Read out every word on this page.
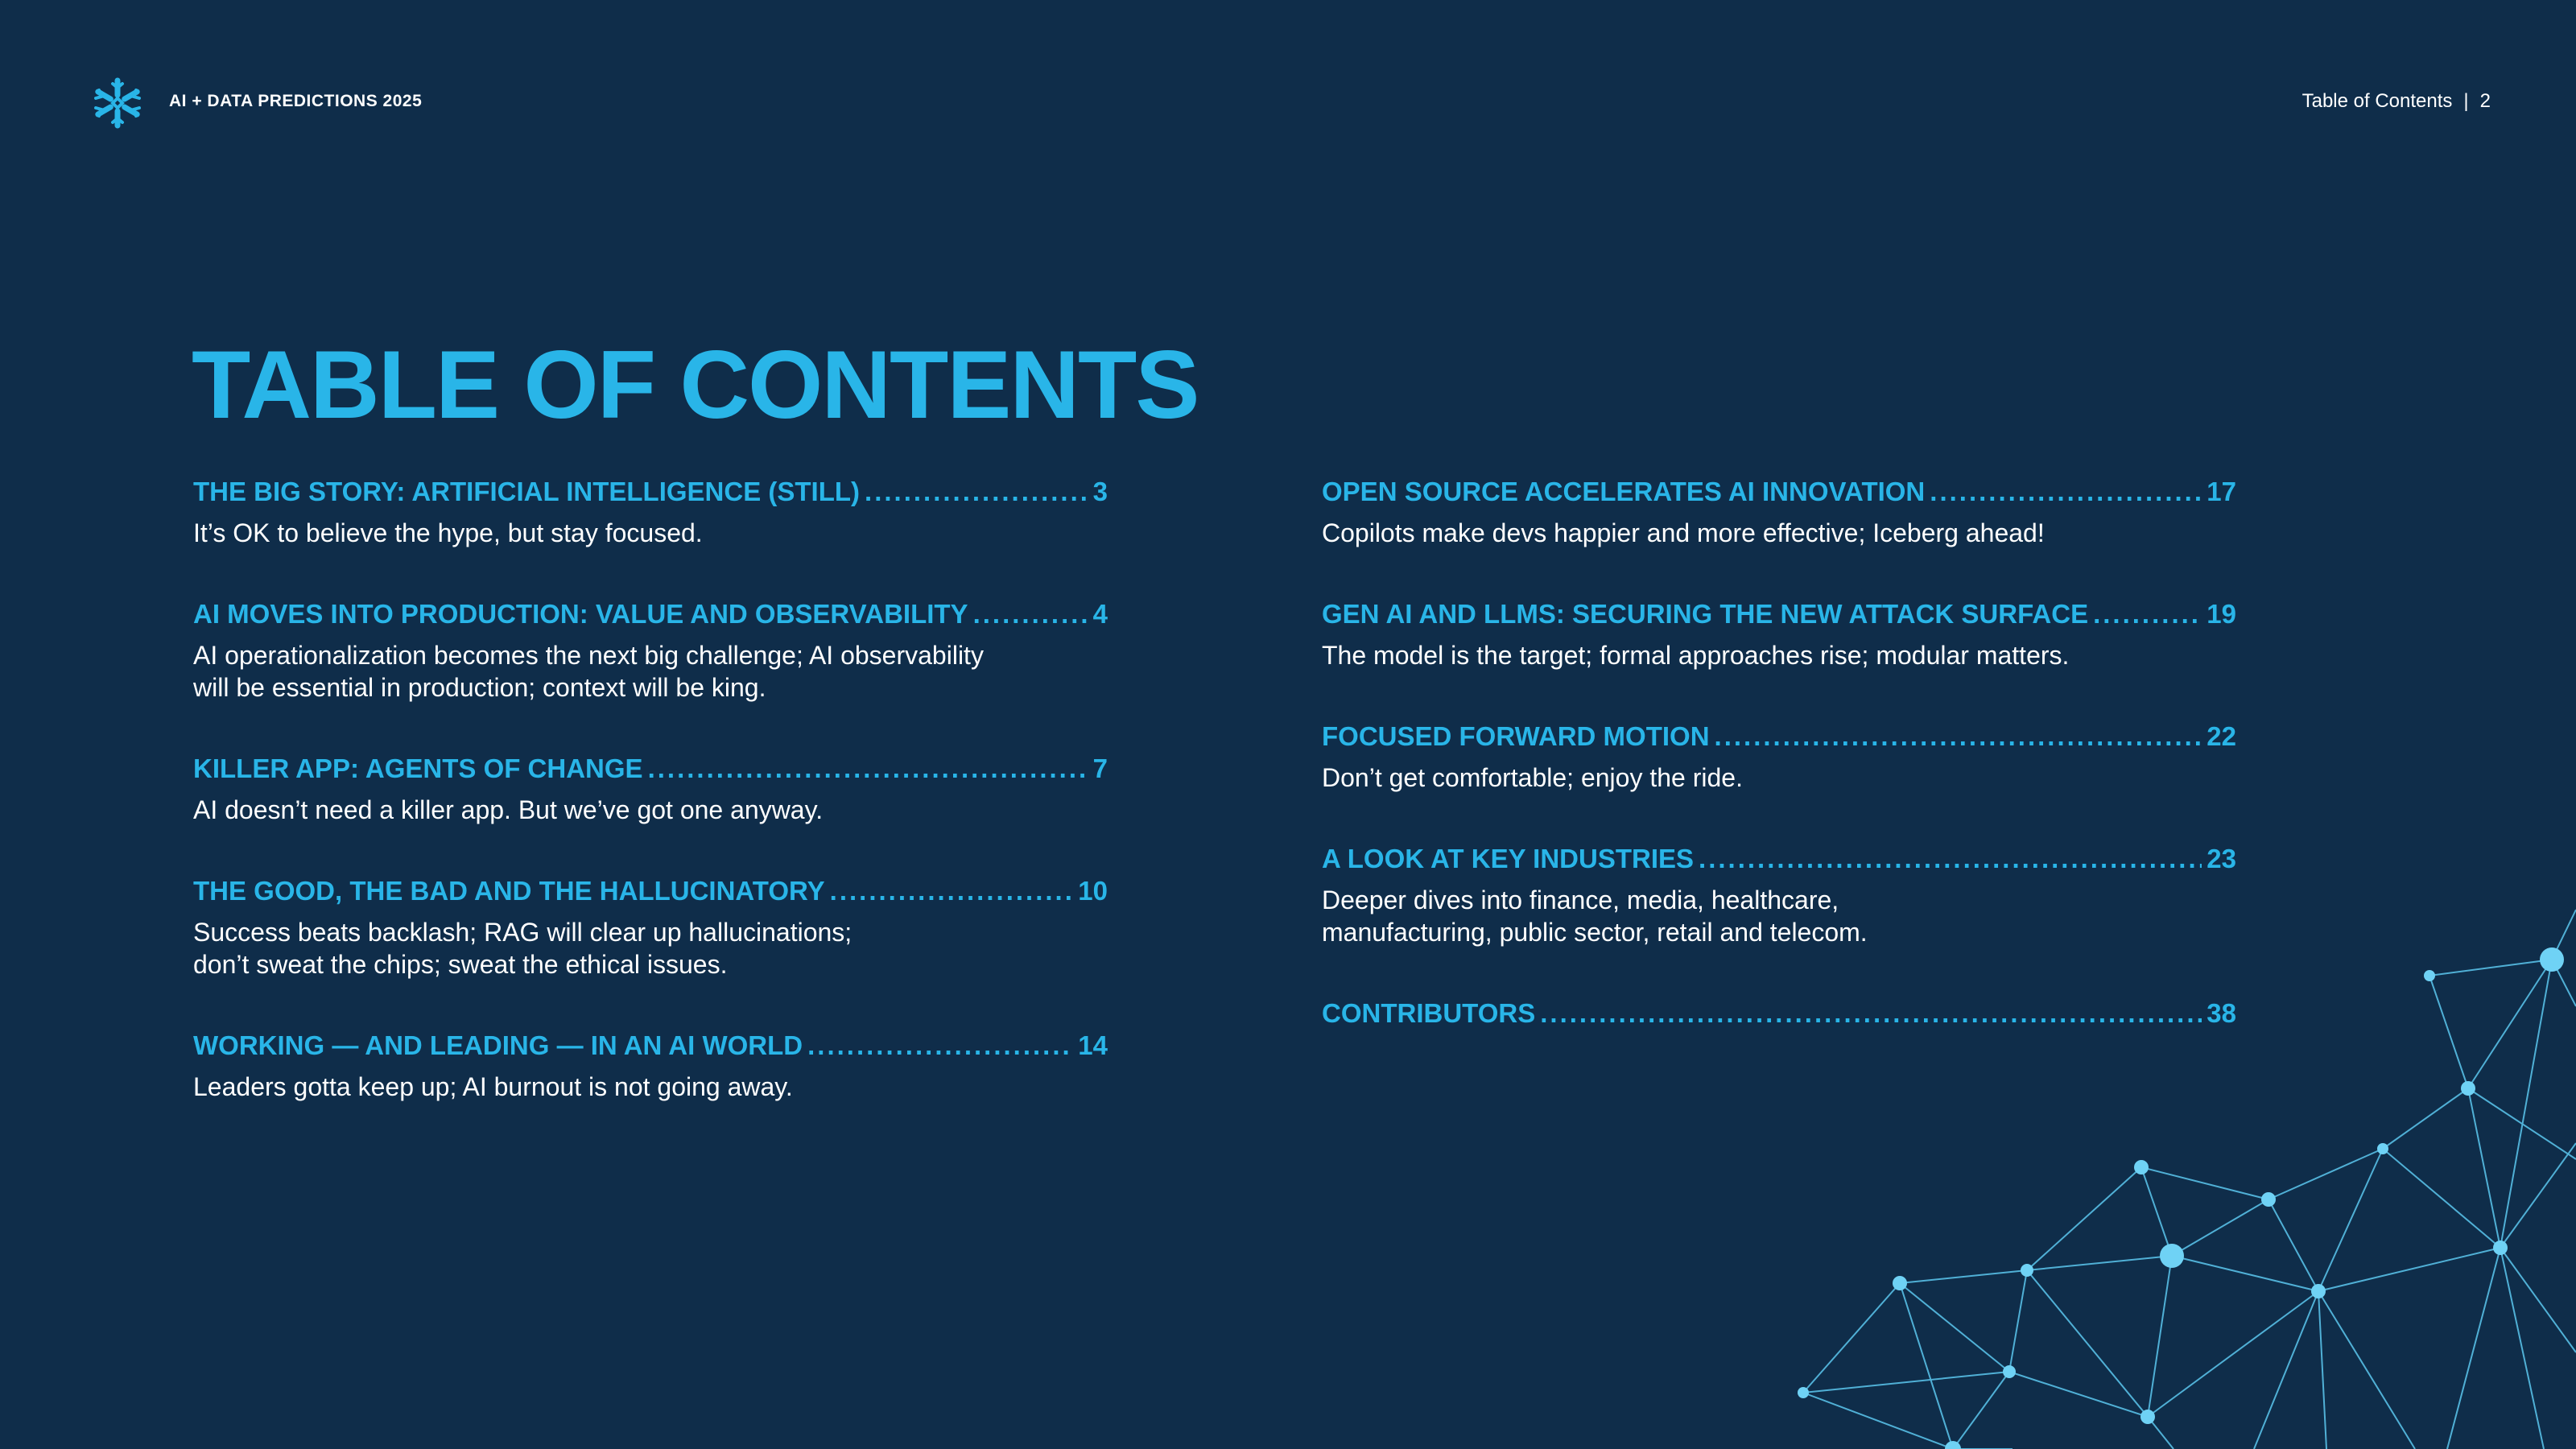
AI + DATA PREDICTIONS 2025	Table of Contents | 2
TABLE OF CONTENTS
THE BIG STORY: ARTIFICIAL INTELLIGENCE (STILL) .....	3
It’s OK to believe the hype, but stay focused.
AI MOVES INTO PRODUCTION: VALUE AND OBSERVABILITY .....	4
AI operationalization becomes the next big challenge; AI observability
will be essential in production; context will be king.
KILLER APP: AGENTS OF CHANGE .....	7
AI doesn’t need a killer app. But we’ve got one anyway.
THE GOOD, THE BAD AND THE HALLUCINATORY .....	10
Success beats backlash; RAG will clear up hallucinations;
don’t sweat the chips; sweat the ethical issues.
WORKING — AND LEADING — IN AN AI WORLD .....	14
Leaders gotta keep up; AI burnout is not going away.
OPEN SOURCE ACCELERATES AI INNOVATION .....	17
Copilots make devs happier and more effective; Iceberg ahead!
GEN AI AND LLMS: SECURING THE NEW ATTACK SURFACE .....	19
The model is the target; formal approaches rise; modular matters.
FOCUSED FORWARD MOTION .....	22
Don’t get comfortable; enjoy the ride.
A LOOK AT KEY INDUSTRIES .....	23
Deeper dives into finance, media, healthcare,
manufacturing, public sector, retail and telecom.
CONTRIBUTORS .....	38
